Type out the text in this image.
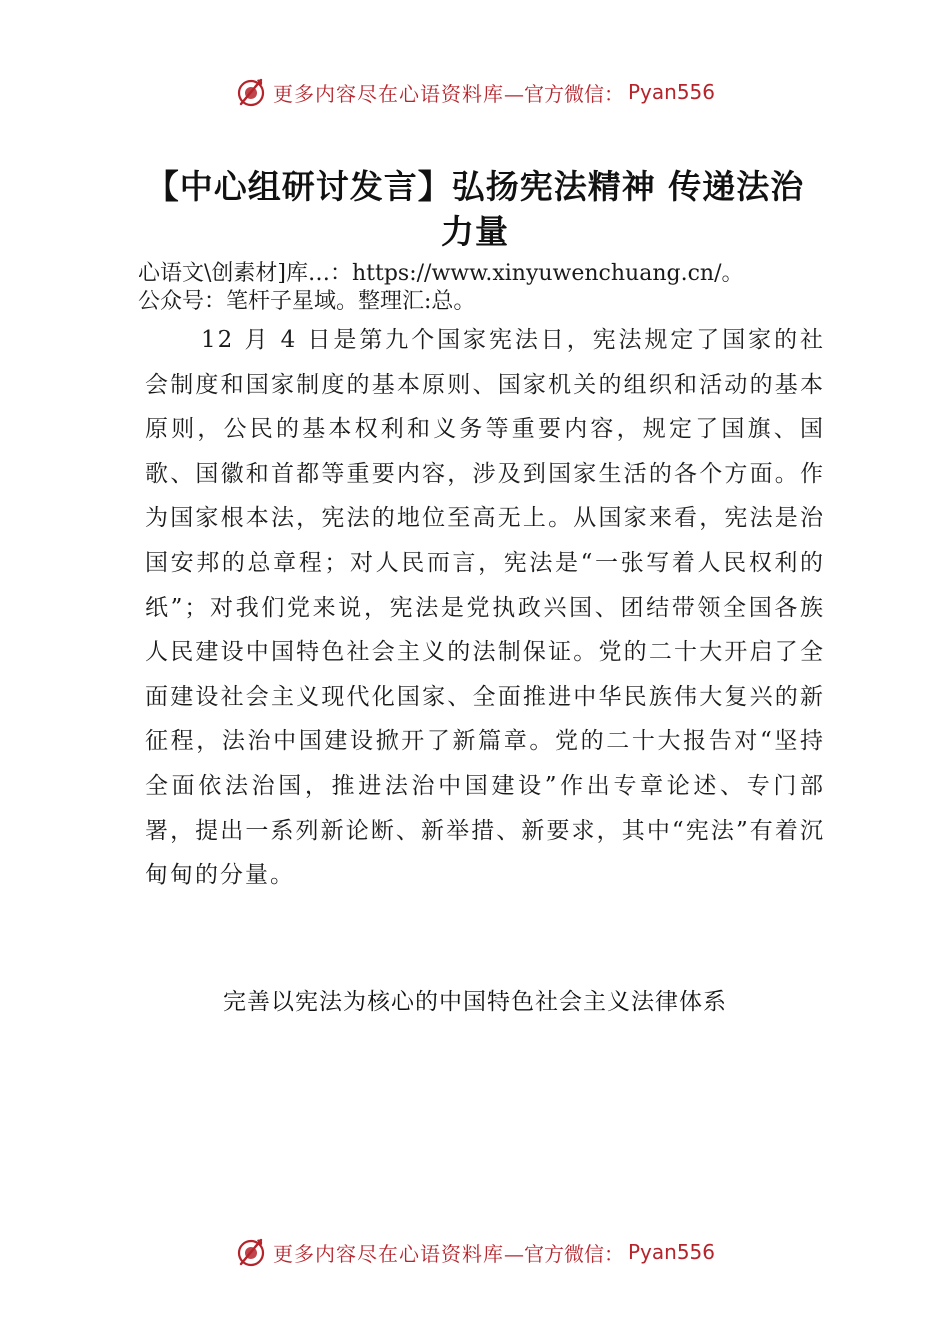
更多内容尽在心语资料库 —官方微信： Pyan556
【中心组研讨发言】弘扬宪法精神 传递法治力量
心语文\创素材]库…：https://www.xinyuwenchuang.cn/。
公众号：笔杆子星域。整理汇:总。

12 月 4 日是第九个国家宪法日，宪法规定了国家的社会制度和国家制度的基本原则、国家机关的组织和活动的基本原则，公民的基本权利和义务等重要内容，规定了国旗、国歌、国徽和首都等重要内容，涉及到国家生活的各个方面。作为国家根本法，宪法的地位至高无上。从国家来看，宪法是治国安邦的总章程；对人民而言，宪法是“一张写着人民权利的纸”；对我们党来说，宪法是党执政兴国、团结带领全国各族人民建设中国特色社会主义的法制保证。党的二十大开启了全面建设社会主义现代化国家、全面推进中华民族伟大复兴的新征程，法治中国建设掀开了新篇章。党的二十大报告对“坚持全面依法治国，推进法治中国建设”作出专章论述、专门部署，提出一系列新论断、新举措、新要求，其中“宪法”有着沉甸甸的分量。

完善以宪法为核心的中国特色社会主义法律体系
更多内容尽在心语资料库 —官方微信： Pyan556
